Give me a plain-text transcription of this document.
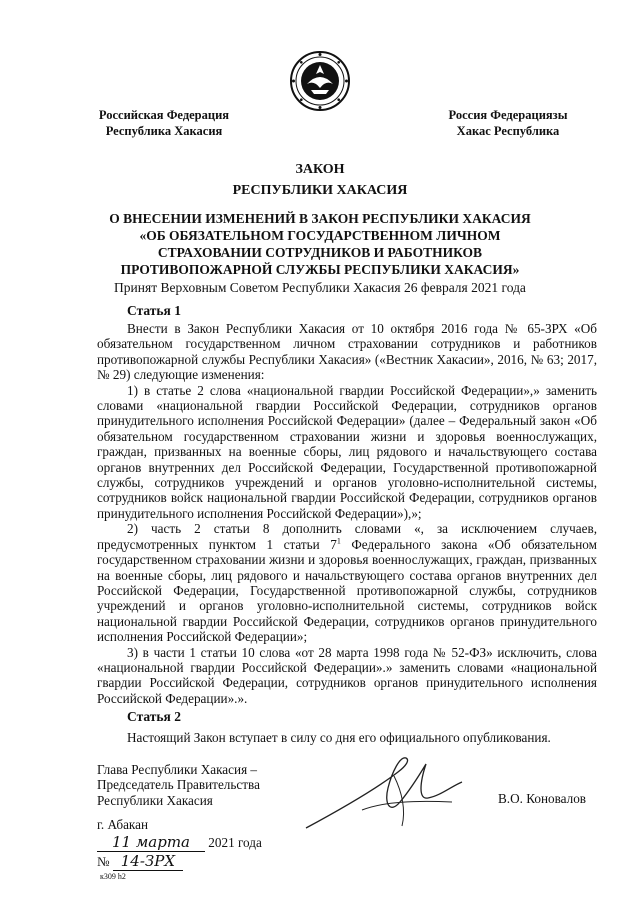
Российская Федерация
Республика Хакасия
Россия Федерациязы
Хакас Республика
ЗАКОН
РЕСПУБЛИКИ ХАКАСИЯ
О ВНЕСЕНИИ ИЗМЕНЕНИЙ В ЗАКОН РЕСПУБЛИКИ ХАКАСИЯ
«ОБ ОБЯЗАТЕЛЬНОМ ГОСУДАРСТВЕННОМ ЛИЧНОМ
СТРАХОВАНИИ СОТРУДНИКОВ И РАБОТНИКОВ
ПРОТИВОПОЖАРНОЙ СЛУЖБЫ РЕСПУБЛИКИ ХАКАСИЯ»
Принят Верховным Советом Республики Хакасия 26 февраля 2021 года
Статья 1

Внести в Закон Республики Хакасия от 10 октября 2016 года № 65-ЗРХ «Об обязательном государственном личном страховании сотрудников и работников противопожарной службы Республики Хакасия» («Вестник Хакасии», 2016, № 63; 2017, № 29) следующие изменения:

1) в статье 2 слова «национальной гвардии Российской Федерации»,» заменить словами «национальной гвардии Российской Федерации, сотрудников органов принудительного исполнения Российской Федерации» (далее – Федеральный закон «Об обязательном государственном страховании жизни и здоровья военнослужащих, граждан, призванных на военные сборы, лиц рядового и начальствующего состава органов внутренних дел Российской Федерации, Государственной противопожарной службы, сотрудников учреждений и органов уголовно-исполнительной системы, сотрудников войск национальной гвардии Российской Федерации, сотрудников органов принудительного исполнения Российской Федерации»),»;

2) часть 2 статьи 8 дополнить словами «, за исключением случаев, предусмотренных пунктом 1 статьи $7^1$ Федерального закона «Об обязательном государственном страховании жизни и здоровья военнослужащих, граждан, призванных на военные сборы, лиц рядового и начальствующего состава органов внутренних дел Российской Федерации, Государственной противопожарной службы, сотрудников учреждений и органов уголовно-исполнительной системы, сотрудников войск национальной гвардии Российской Федерации, сотрудников органов принудительного исполнения Российской Федерации»;

3) в части 1 статьи 10 слова «от 28 марта 1998 года № 52-ФЗ» исключить, слова «национальной гвардии Российской Федерации».» заменить словами «национальной гвардии Российской Федерации, сотрудников органов принудительного исполнения Российской Федерации».».

Статья 2
Настоящий Закон вступает в силу со дня его официального опубликования.
Глава Республики Хакасия –
Председатель Правительства
Республики Хакасия	В.О. Коновалов
г. Абакан
11 марта 2021 года
№ 14-ЗРХ
к309 h2
